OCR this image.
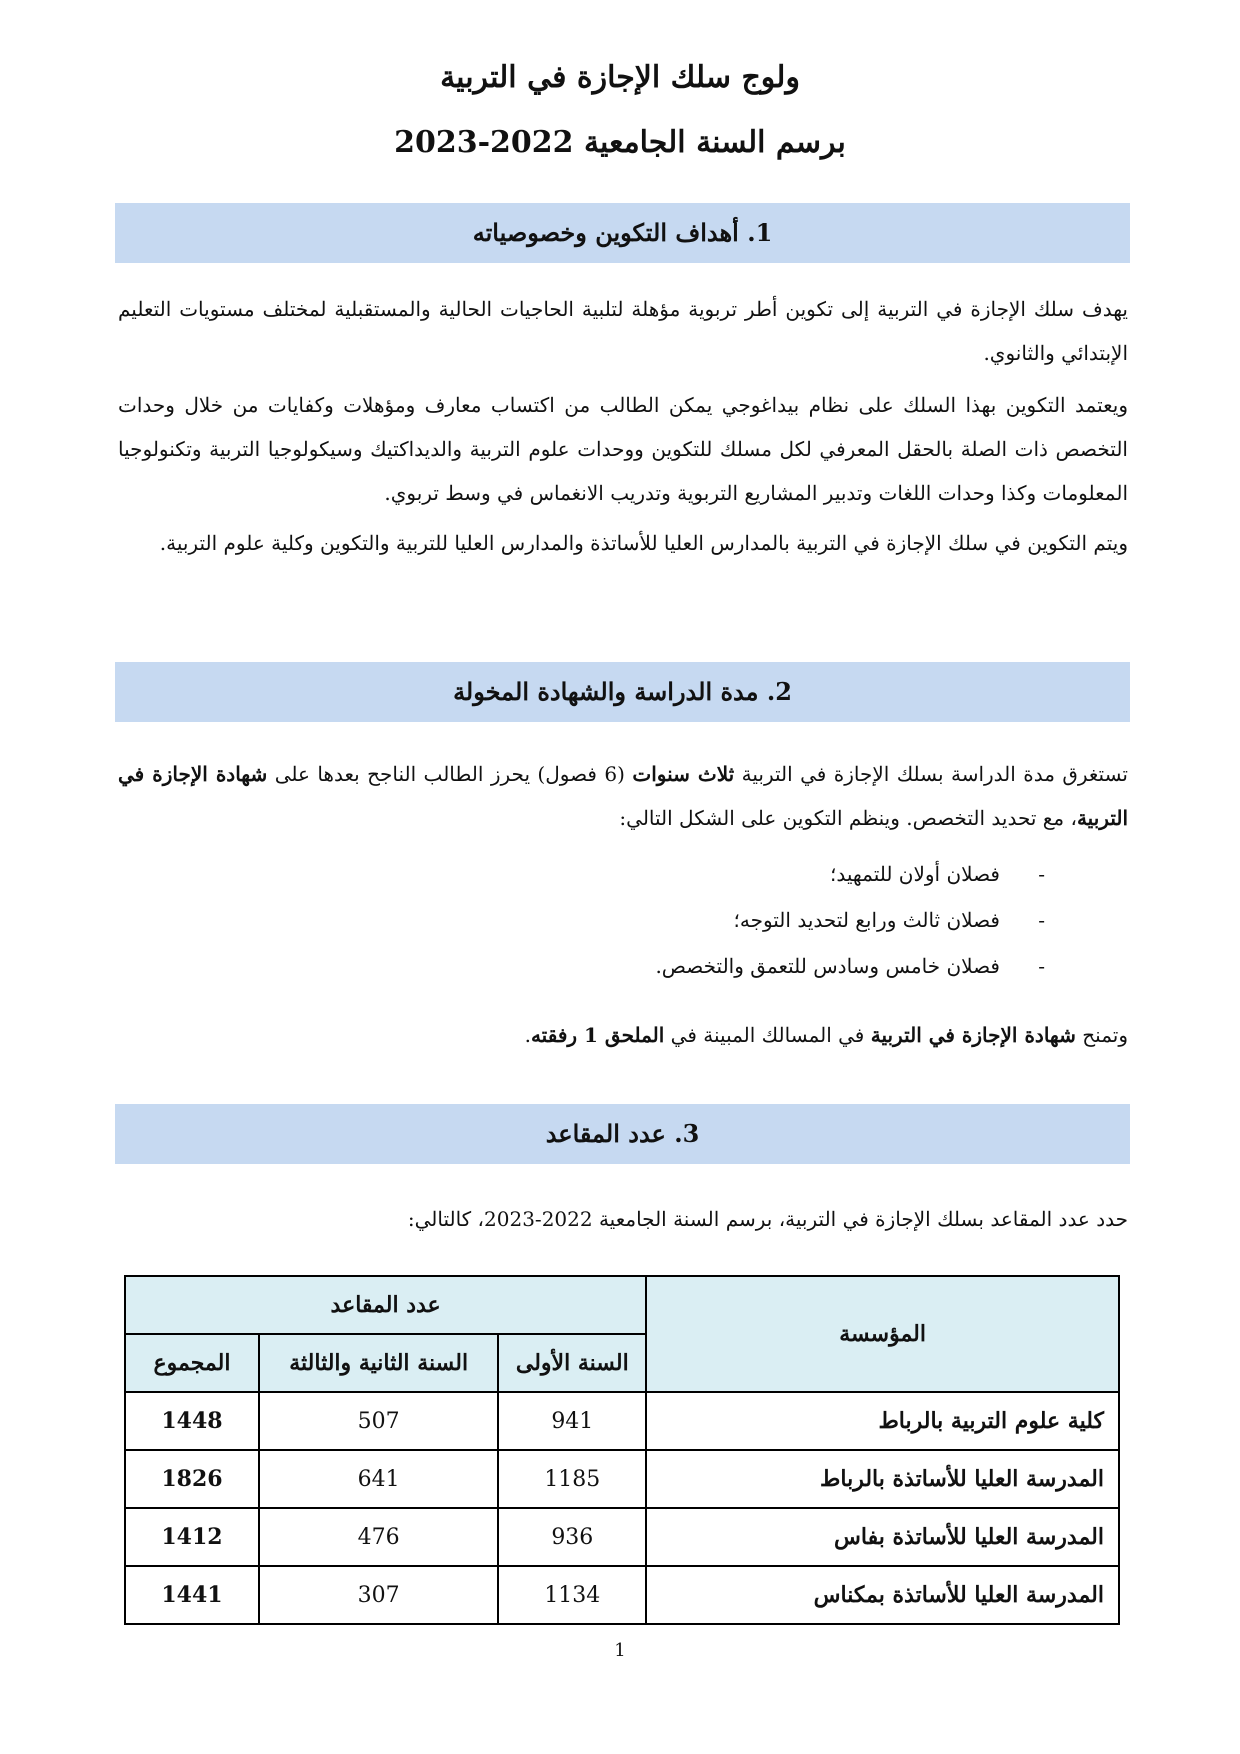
ولوج سلك الإجازة في التربية
برسم السنة الجامعية 2022-2023
1. أهداف التكوين وخصوصياته
يهدف سلك الإجازة في التربية إلى تكوين أطر تربوية مؤهلة لتلبية الحاجيات الحالية والمستقبلية لمختلف مستويات التعليم الإبتدائي والثانوي.
ويعتمد التكوين بهذا السلك على نظام بيداغوجي يمكن الطالب من اكتساب معارف ومؤهلات وكفايات من خلال وحدات التخصص ذات الصلة بالحقل المعرفي لكل مسلك للتكوين ووحدات علوم التربية والديداكتيك وسيكولوجيا التربية وتكنولوجيا المعلومات وكذا وحدات اللغات وتدبير المشاريع التربوية وتدريب الانغماس في وسط تربوي.
ويتم التكوين في سلك الإجازة في التربية بالمدارس العليا للأساتذة والمدارس العليا للتربية والتكوين وكلية علوم التربية.
2. مدة الدراسة والشهادة المخولة
تستغرق مدة الدراسة بسلك الإجازة في التربية ثلاث سنوات (6 فصول) يحرز الطالب الناجح بعدها على شهادة الإجازة في التربية، مع تحديد التخصص. وينظم التكوين على الشكل التالي:
-فصلان أولان للتمهيد؛
-فصلان ثالث ورابع لتحديد التوجه؛
-فصلان خامس وسادس للتعمق والتخصص.
وتمنح شهادة الإجازة في التربية في المسالك المبينة في الملحق 1 رفقته.
3. عدد المقاعد
حدد عدد المقاعد بسلك الإجازة في التربية، برسم السنة الجامعية 2022-2023، كالتالي:
المؤسسة	عدد المقاعد		
	السنة الأولى	السنة الثانية والثالثة	المجموع
كلية علوم التربية بالرباط	941	507	1448
المدرسة العليا للأساتذة بالرباط	1185	641	1826
المدرسة العليا للأساتذة بفاس	936	476	1412
المدرسة العليا للأساتذة بمكناس	1134	307	1441
1
